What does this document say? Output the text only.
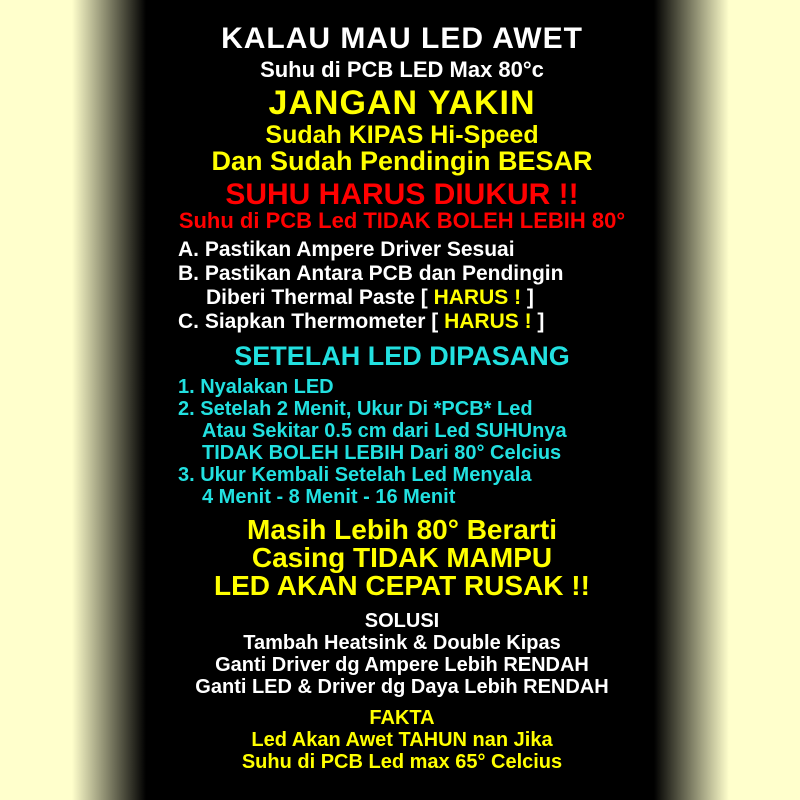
KALAU MAU LED AWET
Suhu di PCB LED Max 80°c
JANGAN YAKIN
Sudah KIPAS Hi-Speed
Dan Sudah Pendingin BESAR
SUHU HARUS DIUKUR !!
Suhu di PCB Led TIDAK BOLEH LEBIH 80°
A. Pastikan Ampere Driver Sesuai
B. Pastikan Antara PCB dan Pendingin
Diberi Thermal Paste [ HARUS ! ]
C. Siapkan Thermometer [ HARUS ! ]
SETELAH LED DIPASANG
1. Nyalakan LED
2. Setelah 2 Menit, Ukur Di *PCB* Led
Atau Sekitar 0.5 cm dari Led SUHUnya
TIDAK BOLEH LEBIH Dari 80° Celcius
3. Ukur Kembali Setelah Led Menyala
4 Menit - 8 Menit - 16 Menit
Masih Lebih 80° Berarti
Casing TIDAK MAMPU
LED AKAN CEPAT RUSAK !!
SOLUSI
Tambah Heatsink & Double Kipas
Ganti Driver dg Ampere Lebih RENDAH
Ganti LED & Driver dg Daya Lebih RENDAH
FAKTA
Led Akan Awet TAHUN nan Jika
Suhu di PCB Led max 65° Celcius
